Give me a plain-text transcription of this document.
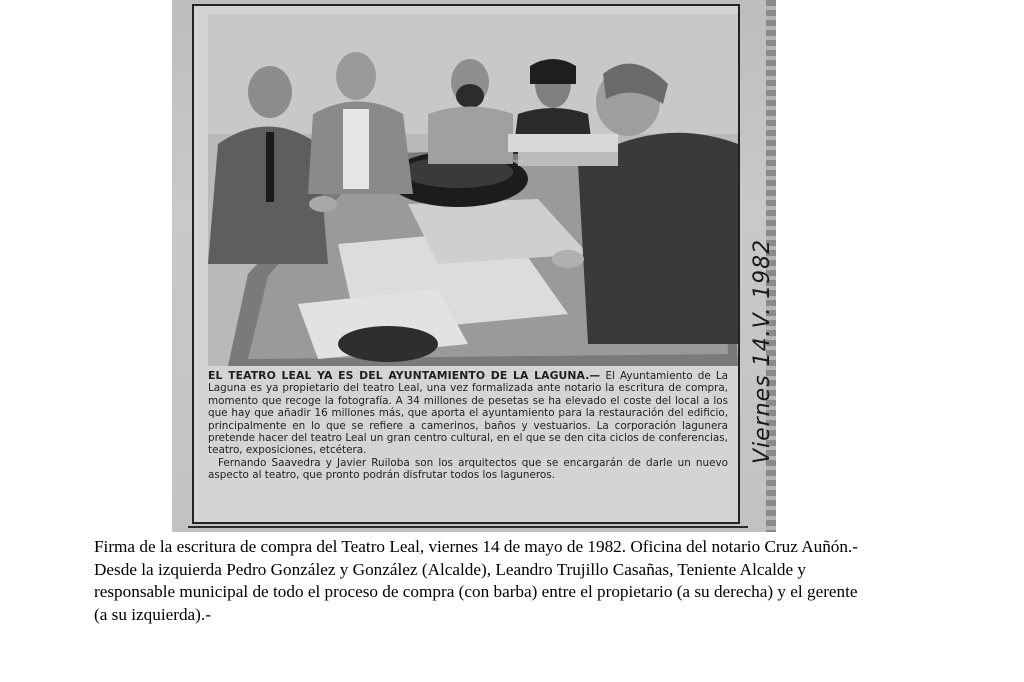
EL TEATRO LEAL YA ES DEL AYUNTAMIENTO DE LA LAGUNA.— El Ayuntamiento de La Laguna es ya propietario del teatro Leal, una vez formalizada ante notario la escritura de compra, momento que recoge la fotografía. A 34 millones de pesetas se ha elevado el coste del local a los que hay que añadir 16 millones más, que aporta el ayuntamiento para la restauración del edificio, principalmente en lo que se refiere a camerinos, baños y vestuarios. La corporación lagunera pretende hacer del teatro Leal un gran centro cultural, en el que se den cita ciclos de conferencias, teatro, exposiciones, etcétera.

Fernando Saavedra y Javier Ruiloba son los arquitectos que se encargarán de darle un nuevo aspecto al teatro, que pronto podrán disfrutar todos los laguneros.

Viernes 14.V. 1982
Firma de la escritura de compra del Teatro Leal, viernes 14 de mayo de 1982. Oficina del notario Cruz Auñón.- Desde la izquierda Pedro González y González (Alcalde), Leandro Trujillo Casañas, Teniente Alcalde y responsable municipal de todo el proceso de compra (con barba) entre el propietario (a su derecha) y el gerente (a su izquierda).-
